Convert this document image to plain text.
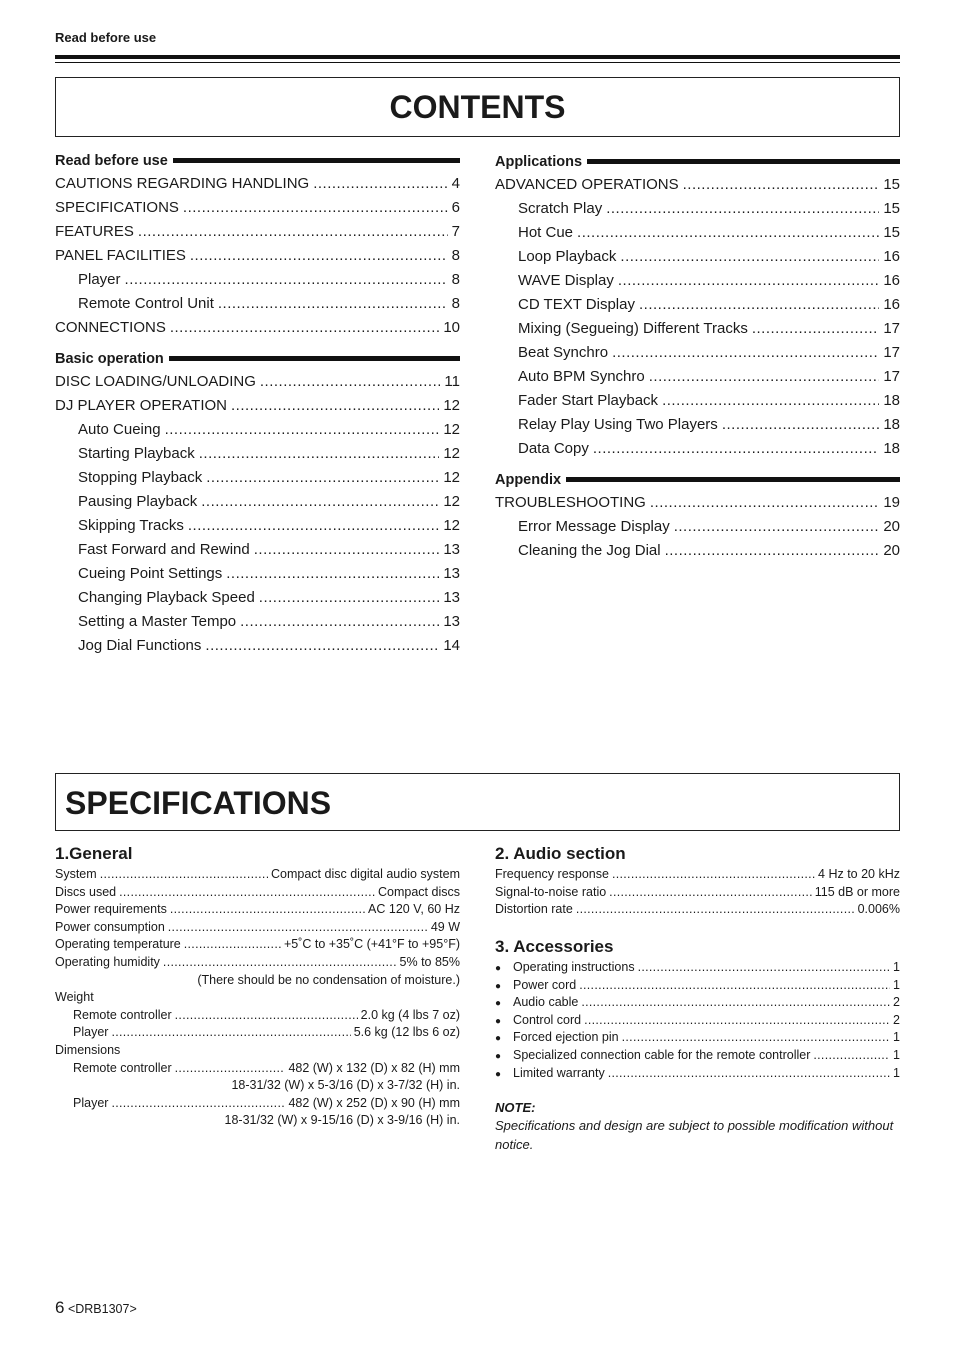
Read before use
CONTENTS
Read before use
CAUTIONS REGARDING HANDLING .....	4
SPECIFICATIONS .....	6
FEATURES .....	7
PANEL FACILITIES .....	8
Player .....	8
Remote Control Unit .....	8
CONNECTIONS .....	10
Basic operation
DISC LOADING/UNLOADING .....	11
DJ PLAYER OPERATION .....	12
Auto Cueing .....	12
Starting Playback .....	12
Stopping Playback .....	12
Pausing Playback .....	12
Skipping Tracks .....	12
Fast Forward and Rewind .....	13
Cueing Point Settings .....	13
Changing Playback Speed .....	13
Setting a Master Tempo .....	13
Jog Dial Functions .....	14
Applications
ADVANCED OPERATIONS .....	15
Scratch Play .....	15
Hot Cue .....	15
Loop Playback .....	16
WAVE Display .....	16
CD TEXT Display .....	16
Mixing (Segueing) Different Tracks .....	17
Beat Synchro .....	17
Auto BPM Synchro .....	17
Fader Start Playback .....	18
Relay Play Using Two Players .....	18
Data Copy .....	18
Appendix
TROUBLESHOOTING .....	19
Error Message Display .....	20
Cleaning the Jog Dial .....	20
SPECIFICATIONS
1.General
System .....	Compact disc digital audio system
Discs used .....	Compact discs
Power requirements .....	AC 120 V, 60 Hz
Power consumption .....	49 W
Operating temperature .....	+5˚C to +35˚C (+41°F to +95°F)
Operating humidity .....	5% to 85%
(There should be no condensation of moisture.)
Weight
Remote controller .....	2.0 kg (4 lbs 7 oz)
Player .....	5.6 kg (12 lbs 6 oz)
Dimensions
Remote controller .....	482 (W) x 132 (D) x 82 (H) mm
18-31/32 (W) x 5-3/16 (D) x 3-7/32 (H) in.
Player .....	482 (W) x 252 (D) x 90 (H) mm
18-31/32 (W) x 9-15/16 (D) x 3-9/16 (H) in.
2. Audio section
Frequency response .....	4 Hz to 20 kHz
Signal-to-noise ratio .....	115 dB or more
Distortion rate .....	0.006%
3. Accessories
● Operating instructions .....	1
● Power cord .....	1
● Audio cable .....	2
● Control cord .....	2
● Forced ejection pin .....	1
● Specialized connection cable for the remote controller .....	1
● Limited warranty .....	1
NOTE:
Specifications and design are subject to possible modification without notice.
6 <DRB1307>
